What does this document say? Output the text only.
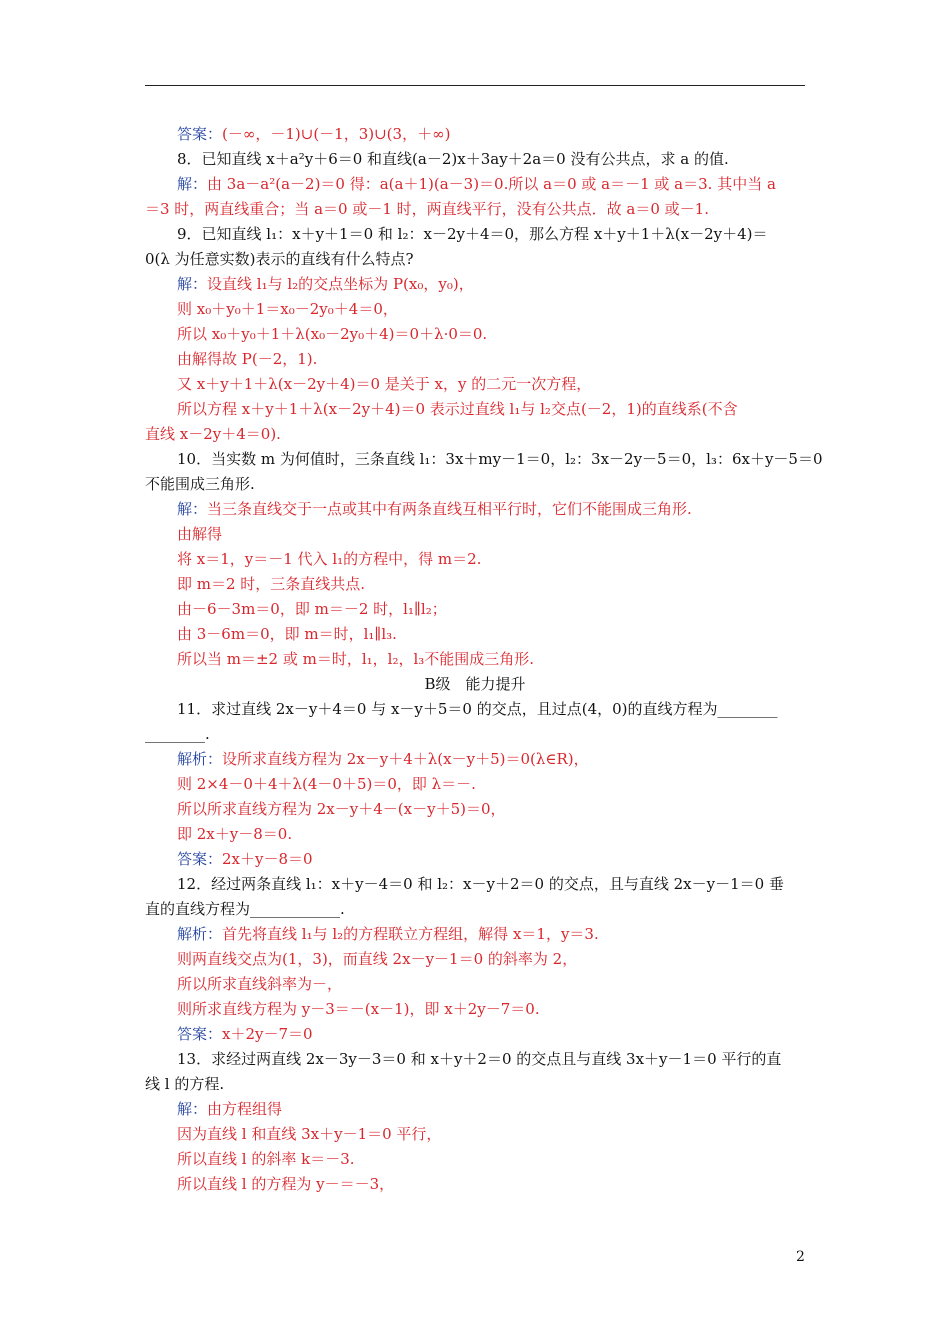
答案：(－∞，－1)∪(－1，3)∪(3，＋∞)
8．已知直线 x＋a²y＋6＝0 和直线(a－2)x＋3ay＋2a＝0 没有公共点，求 a 的值.
解：由 3a－a²(a－2)＝0 得：a(a＋1)(a－3)＝0.所以 a＝0 或 a＝－1 或 a＝3. 其中当 a
＝3 时，两直线重合；当 a＝0 或－1 时，两直线平行，没有公共点．故 a＝0 或－1.
9．已知直线 l₁：x＋y＋1＝0 和 l₂：x－2y＋4＝0，那么方程 x＋y＋1＋λ(x－2y＋4)＝
0(λ 为任意实数)表示的直线有什么特点?
解：设直线 l₁与 l₂的交点坐标为 P(x₀，y₀)，
则 x₀＋y₀＋1＝x₀－2y₀＋4＝0，
所以 x₀＋y₀＋1＋λ(x₀－2y₀＋4)＝0＋λ·0＝0.
由解得故 P(－2，1).
又 x＋y＋1＋λ(x－2y＋4)＝0 是关于 x，y 的二元一次方程，
所以方程 x＋y＋1＋λ(x－2y＋4)＝0 表示过直线 l₁与 l₂交点(－2，1)的直线系(不含
直线 x－2y＋4＝0).
10．当实数 m 为何值时，三条直线 l₁：3x＋my－1＝0，l₂：3x－2y－5＝0，l₃：6x＋y－5＝0
不能围成三角形.
解：当三条直线交于一点或其中有两条直线互相平行时，它们不能围成三角形.
由解得
将 x＝1，y＝－1 代入 l₁的方程中，得 m＝2.
即 m＝2 时，三条直线共点.
由－6－3m＝0，即 m＝－2 时，l₁∥l₂；
由 3－6m＝0，即 m＝时，l₁∥l₃.
所以当 m＝±2 或 m＝时，l₁，l₂，l₃不能围成三角形.
B级　能力提升
11．求过直线 2x－y＋4＝0 与 x－y＋5＝0 的交点，且过点(4，0)的直线方程为________
________.
解析：设所求直线方程为 2x－y＋4＋λ(x－y＋5)＝0(λ∈R)，
则 2×4－0＋4＋λ(4－0＋5)＝0，即 λ＝－.
所以所求直线方程为 2x－y＋4－(x－y＋5)＝0，
即 2x＋y－8＝0.
答案：2x＋y－8＝0
12．经过两条直线 l₁：x＋y－4＝0 和 l₂：x－y＋2＝0 的交点，且与直线 2x－y－1＝0 垂
直的直线方程为____________.
解析：首先将直线 l₁与 l₂的方程联立方程组，解得 x＝1，y＝3.
则两直线交点为(1，3)，而直线 2x－y－1＝0 的斜率为 2，
所以所求直线斜率为－，
则所求直线方程为 y－3＝－(x－1)，即 x＋2y－7＝0.
答案：x＋2y－7＝0
13．求经过两直线 2x－3y－3＝0 和 x＋y＋2＝0 的交点且与直线 3x＋y－1＝0 平行的直
线 l 的方程.
解：由方程组得
因为直线 l 和直线 3x＋y－1＝0 平行，
所以直线 l 的斜率 k＝－3.
所以直线 l 的方程为 y－＝－3，
2
